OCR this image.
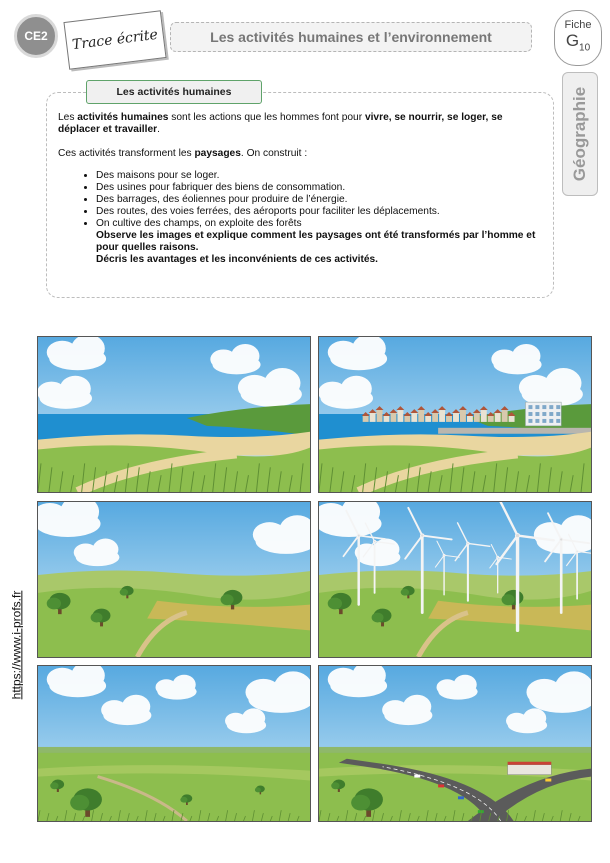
CE2	Trace écrite	Les activités humaines et l’environnement
Fiche
$G_{10}$
Géographie
Les activités humaines

Les activités humaines sont les actions que les hommes font pour vivre, se nourrir, se loger, se déplacer et travailler.

Ces activités transforment les paysages. On construit :

• Des maisons pour se loger.
• Des usines pour fabriquer des biens de consommation.
• Des barrages, des éoliennes pour produire de l’énergie.
• Des routes, des voies ferrées, des aéroports pour faciliter les déplacements.
• On cultive des champs, on exploite des forêts

Observe les images et explique comment les paysages ont été transformés par l’homme et pour quelles raisons.

Décris les avantages et les inconvénients de ces activités.

https://www.i-profs.fr
